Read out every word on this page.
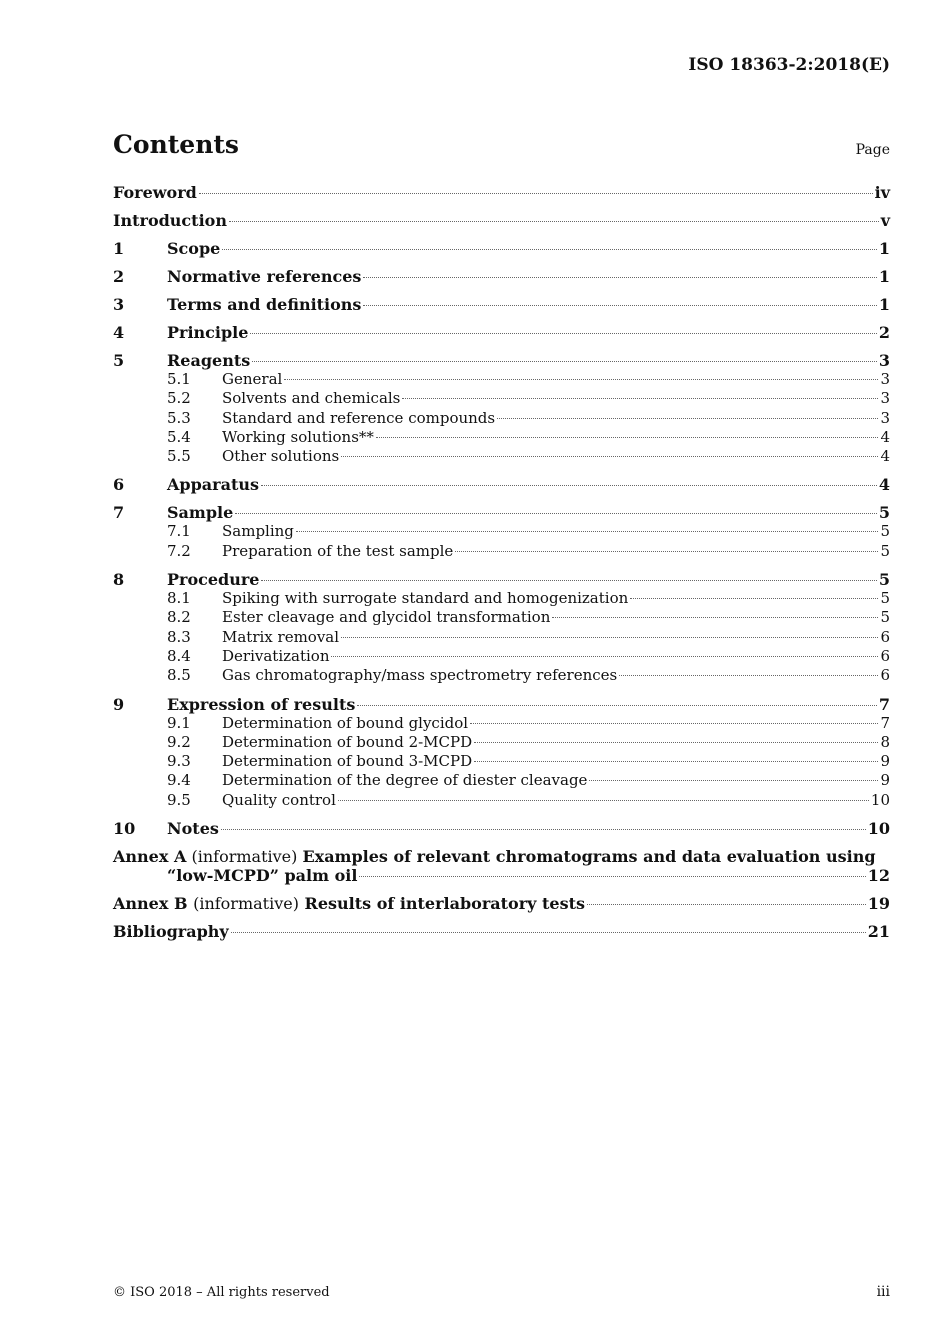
ISO 18363-2:2018(E)
Contents	Page
Foreword	iv
Introduction	v
1	Scope	1
2	Normative references	1
3	Terms and definitions	1
4	Principle	2
5	Reagents	3
5.1	General	3
5.2	Solvents and chemicals	3
5.3	Standard and reference compounds	3
5.4	Working solutions**	4
5.5	Other solutions	4
6	Apparatus	4
7	Sample	5
7.1	Sampling	5
7.2	Preparation of the test sample	5
8	Procedure	5
8.1	Spiking with surrogate standard and homogenization	5
8.2	Ester cleavage and glycidol transformation	5
8.3	Matrix removal	6
8.4	Derivatization	6
8.5	Gas chromatography/mass spectrometry references	6
9	Expression of results	7
9.1	Determination of bound glycidol	7
9.2	Determination of bound 2-MCPD	8
9.3	Determination of bound 3-MCPD	9
9.4	Determination of the degree of diester cleavage	9
9.5	Quality control	10
10	Notes	10
Annex A (informative) Examples of relevant chromatograms and data evaluation using
“low-MCPD” palm oil	12
Annex B (informative) Results of interlaboratory tests	19
Bibliography	21
© ISO 2018 – All rights reserved	iii
